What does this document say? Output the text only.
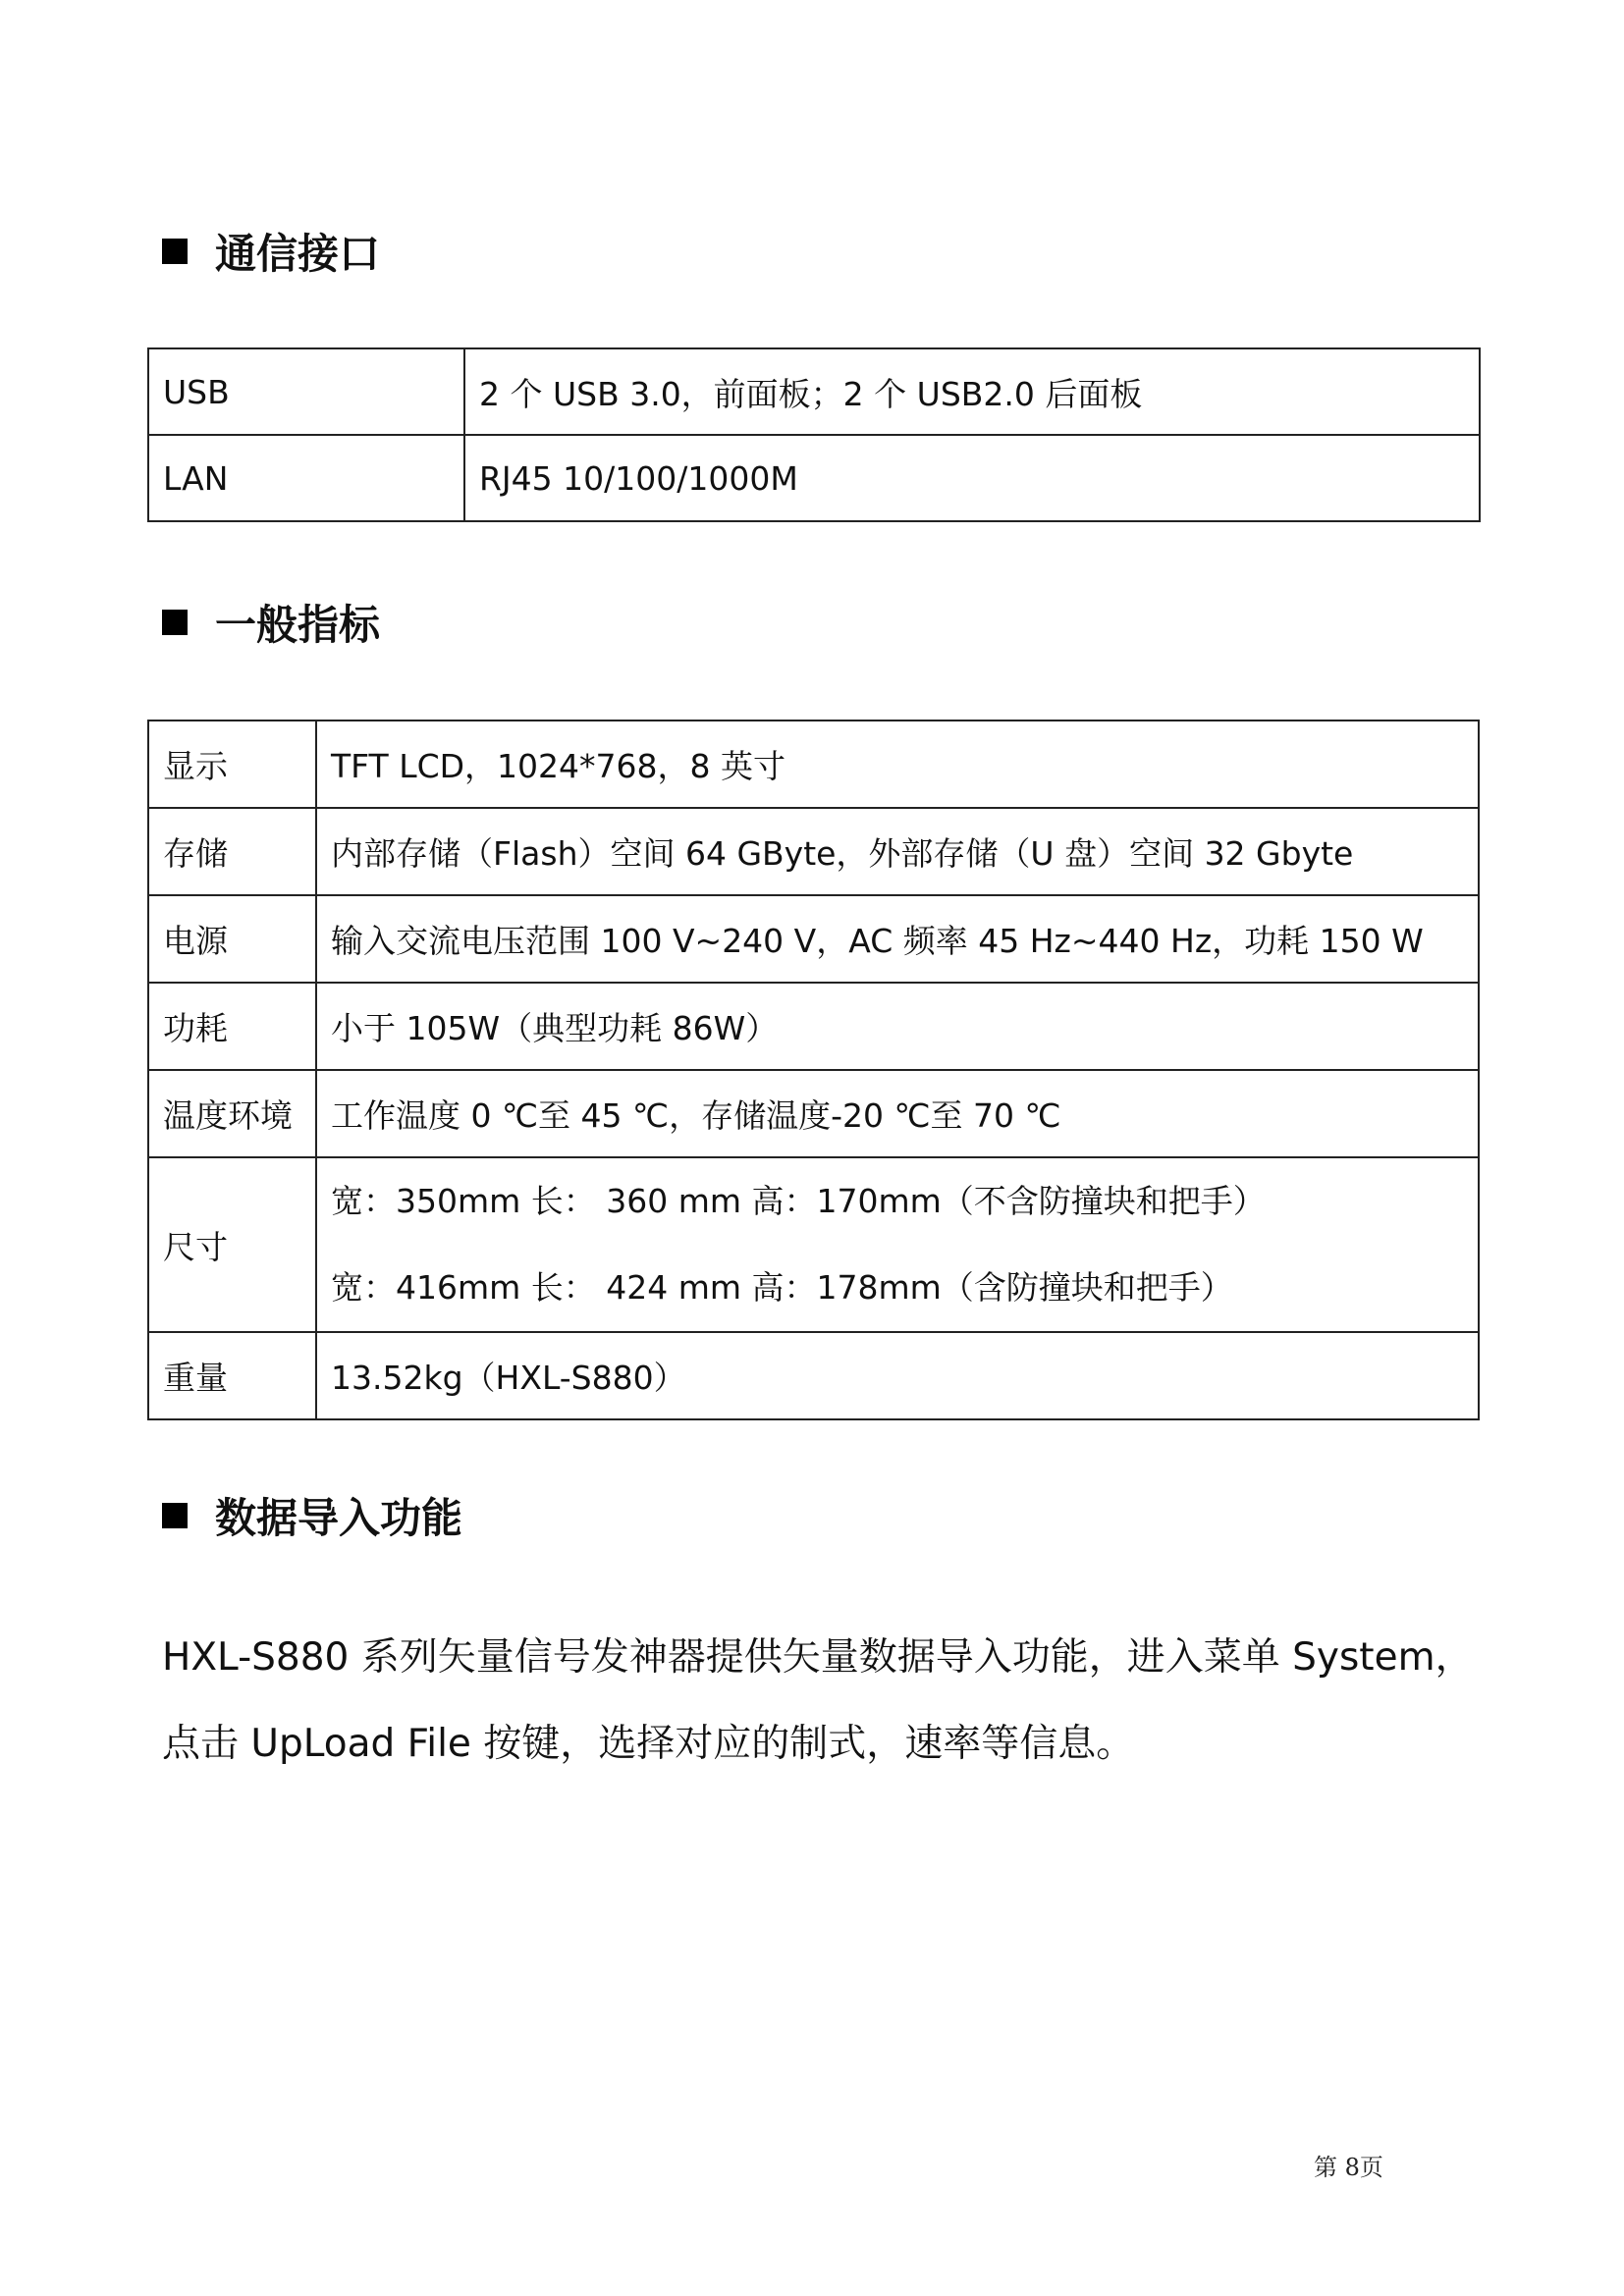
通信接口
USB	2 个 USB 3.0，前面板；2 个 USB2.0 后面板
LAN	RJ45 10/100/1000M
一般指标
显示	TFT LCD，1024*768，8 英寸
存储	内部存储（Flash）空间 64 GByte，外部存储（U 盘）空间 32 Gbyte
电源	输入交流电压范围 100 V~240 V，AC 频率 45 Hz~440 Hz，功耗 150 W
功耗	小于 105W（典型功耗 86W）
温度环境	工作温度 0 ℃至 45 ℃，存储温度-20 ℃至 70 ℃
尺寸	宽：350mm 长： 360 mm 高：170mm（不含防撞块和把手）
宽：416mm 长： 424 mm 高：178mm（含防撞块和把手）

重量	13.52kg（HXL-S880）
数据导入功能
HXL-S880 系列矢量信号发神器提供矢量数据导入功能，进入菜单 System，
点击 UpLoad File 按键，选择对应的制式，速率等信息。
第 8页
